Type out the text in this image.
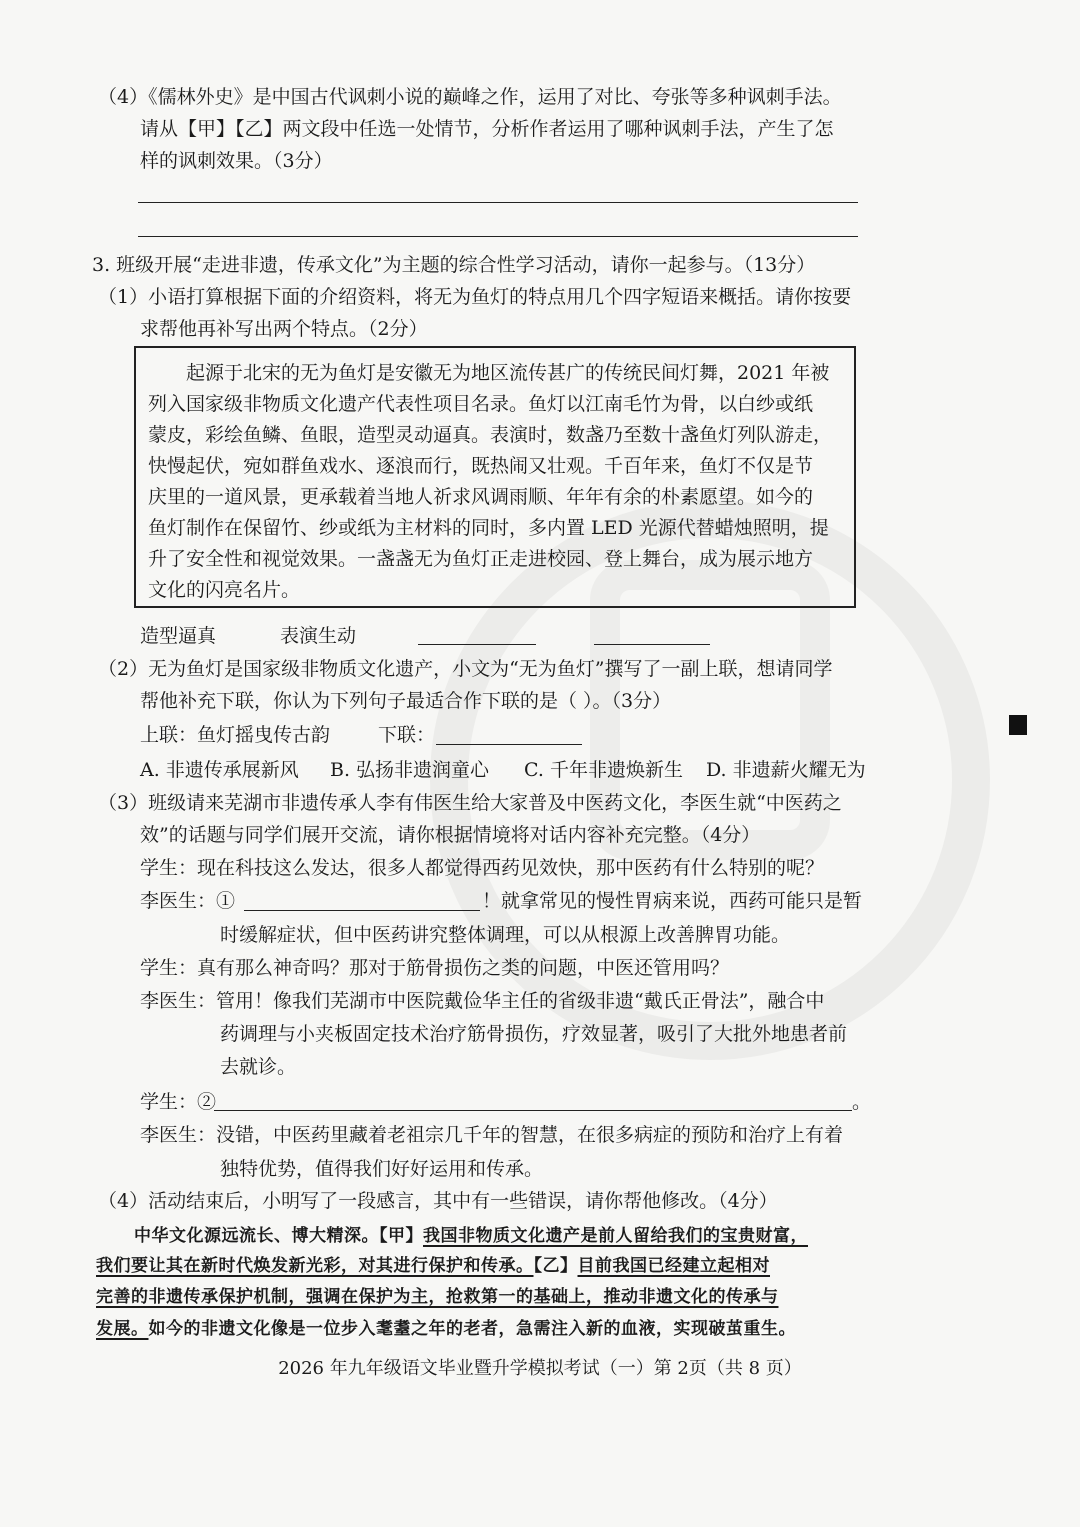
（4）《儒林外史》是中国古代讽刺小说的巅峰之作，运用了对比、夸张等多种讽刺手法。
请从【甲】【乙】两文段中任选一处情节，分析作者运用了哪种讽刺手法，产生了怎
样的讽刺效果。（3分）
3. 班级开展“走进非遗，传承文化”为主题的综合性学习活动，请你一起参与。（13分）
（1）小语打算根据下面的介绍资料，将无为鱼灯的特点用几个四字短语来概括。请你按要
求帮他再补写出两个特点。（2分）
起源于北宋的无为鱼灯是安徽无为地区流传甚广的传统民间灯舞，2021 年被
列入国家级非物质文化遗产代表性项目名录。鱼灯以江南毛竹为骨，以白纱或纸
蒙皮，彩绘鱼鳞、鱼眼，造型灵动逼真。表演时，数盏乃至数十盏鱼灯列队游走，
快慢起伏，宛如群鱼戏水、逐浪而行，既热闹又壮观。千百年来，鱼灯不仅是节
庆里的一道风景，更承载着当地人祈求风调雨顺、年年有余的朴素愿望。如今的
鱼灯制作在保留竹、纱或纸为主材料的同时，多内置 LED 光源代替蜡烛照明，提
升了安全性和视觉效果。一盏盏无为鱼灯正走进校园、登上舞台，成为展示地方
文化的闪亮名片。
造型逼真	表演生动
（2）无为鱼灯是国家级非物质文化遗产，小文为“无为鱼灯”撰写了一副上联，想请同学
帮他补充下联，你认为下列句子最适合作下联的是（ ）。（3分）
上联：鱼灯摇曳传古韵	下联：
A. 非遗传承展新风 B. 弘扬非遗润童心 C. 千年非遗焕新生 D. 非遗薪火耀无为
（3）班级请来芜湖市非遗传承人李有伟医生给大家普及中医药文化，李医生就“中医药之
效”的话题与同学们展开交流，请你根据情境将对话内容补充完整。（4分）
学生：现在科技这么发达，很多人都觉得西药见效快，那中医药有什么特别的呢？
李医生：①	！就拿常见的慢性胃病来说，西药可能只是暂
时缓解症状，但中医药讲究整体调理，可以从根源上改善脾胃功能。
学生：真有那么神奇吗？那对于筋骨损伤之类的问题，中医还管用吗？
李医生：管用！像我们芜湖市中医院戴俭华主任的省级非遗“戴氏正骨法”，融合中
药调理与小夹板固定技术治疗筋骨损伤，疗效显著，吸引了大批外地患者前
去就诊。
学生：②	。
李医生：没错，中医药里藏着老祖宗几千年的智慧，在很多病症的预防和治疗上有着
独特优势，值得我们好好运用和传承。
（4）活动结束后，小明写了一段感言，其中有一些错误，请你帮他修改。（4分）
中华文化源远流长、博大精深。【甲】我国非物质文化遗产是前人留给我们的宝贵财富，
我们要让其在新时代焕发新光彩，对其进行保护和传承。【乙】目前我国已经建立起相对
完善的非遗传承保护机制，强调在保护为主，抢救第一的基础上，推动非遗文化的传承与
发展。如今的非遗文化像是一位步入耄耋之年的老者，急需注入新的血液，实现破茧重生。
2026 年九年级语文毕业暨升学模拟考试（一）第 2页（共 8 页）
